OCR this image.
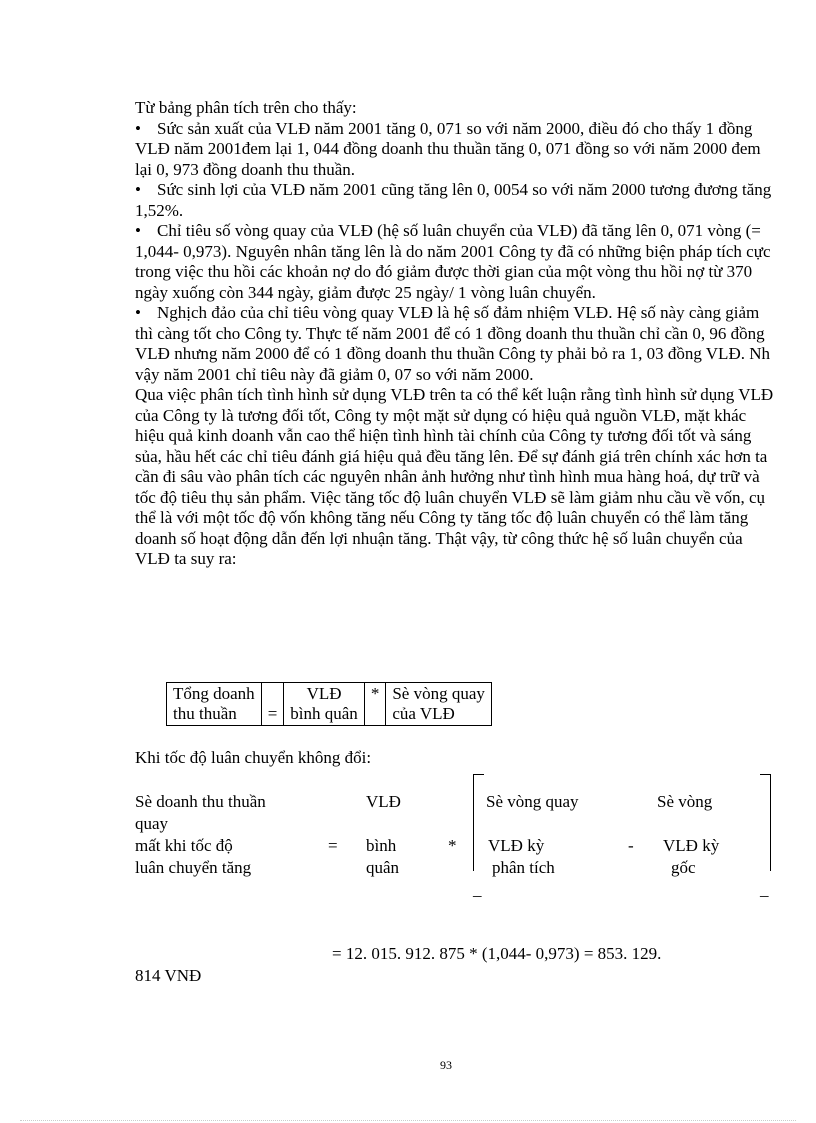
Từ bảng phân tích trên cho thấy:

• Sức sản xuất của VLĐ năm 2001 tăng 0, 071 so với năm 2000, điều đó cho thấy 1 đồng VLĐ năm 2001đem lại 1, 044 đồng doanh thu thuần tăng 0, 071 đồng so với năm 2000 đem lại 0, 973 đồng doanh thu thuần.

• Sức sinh lợi của VLĐ năm 2001 cũng tăng lên 0, 0054 so với năm 2000 tương đương tăng 1,52%.

• Chỉ tiêu số vòng quay của VLĐ (hệ số luân chuyển của VLĐ) đã tăng lên 0, 071 vòng (= 1,044- 0,973). Nguyên nhân tăng lên là do năm 2001 Công ty đã có những biện pháp tích cực trong việc thu hồi các khoản nợ do đó giảm được thời gian của một vòng thu hồi nợ từ 370 ngày xuống còn 344 ngày, giảm được 25 ngày/ 1 vòng luân chuyển.

• Nghịch đảo của chỉ tiêu vòng quay VLĐ là hệ số đảm nhiệm VLĐ. Hệ số này càng giảm thì càng tốt cho Công ty. Thực tế năm 2001 để có 1 đồng doanh thu thuần chỉ cần 0, 96 đồng VLĐ nhưng năm 2000 để có 1 đồng doanh thu thuần Công ty phải bỏ ra 1, 03 đồng VLĐ. Nh vậy năm 2001 chỉ tiêu này đã giảm 0, 07 so với năm 2000.

Qua việc phân tích tình hình sử dụng VLĐ trên ta có thể kết luận rằng tình hình sử dụng VLĐ của Công ty là tương đối tốt, Công ty một mặt sử dụng có hiệu quả nguồn VLĐ, mặt khác hiệu quả kinh doanh vẫn cao thể hiện tình hình tài chính của Công ty tương đối tốt và sáng sủa, hầu hết các chỉ tiêu đánh giá hiệu quả đều tăng lên. Để sự đánh giá trên chính xác hơn ta cần đi sâu vào phân tích các nguyên nhân ảnh hưởng như tình hình mua hàng hoá, dự trữ và tốc độ tiêu thụ sản phẩm. Việc tăng tốc độ luân chuyển VLĐ sẽ làm giảm nhu cầu về vốn, cụ thể là với một tốc độ vốn không tăng nếu Công ty tăng tốc độ luân chuyển có thể làm tăng doanh số hoạt động dẫn đến lợi nhuận tăng. Thật vậy, từ công thức hệ số luân chuyển của VLĐ ta suy ra:

Tổng doanh
thu thuần	=	VLĐ
bình quân	*	Sè vòng quay
của VLĐ
Khi tốc độ luân chuyển không đổi:
Sè doanh thu thuần
quay
mất khi tốc độ
luân chuyển tăng
=
VLĐ
bình
quân
*
_	_
Sè vòng quay
VLĐ kỳ
phân tích
-
Sè vòng
VLĐ kỳ
gốc
= 12. 015. 912. 875 * (1,044- 0,973) = 853. 129.
814 VNĐ
93
